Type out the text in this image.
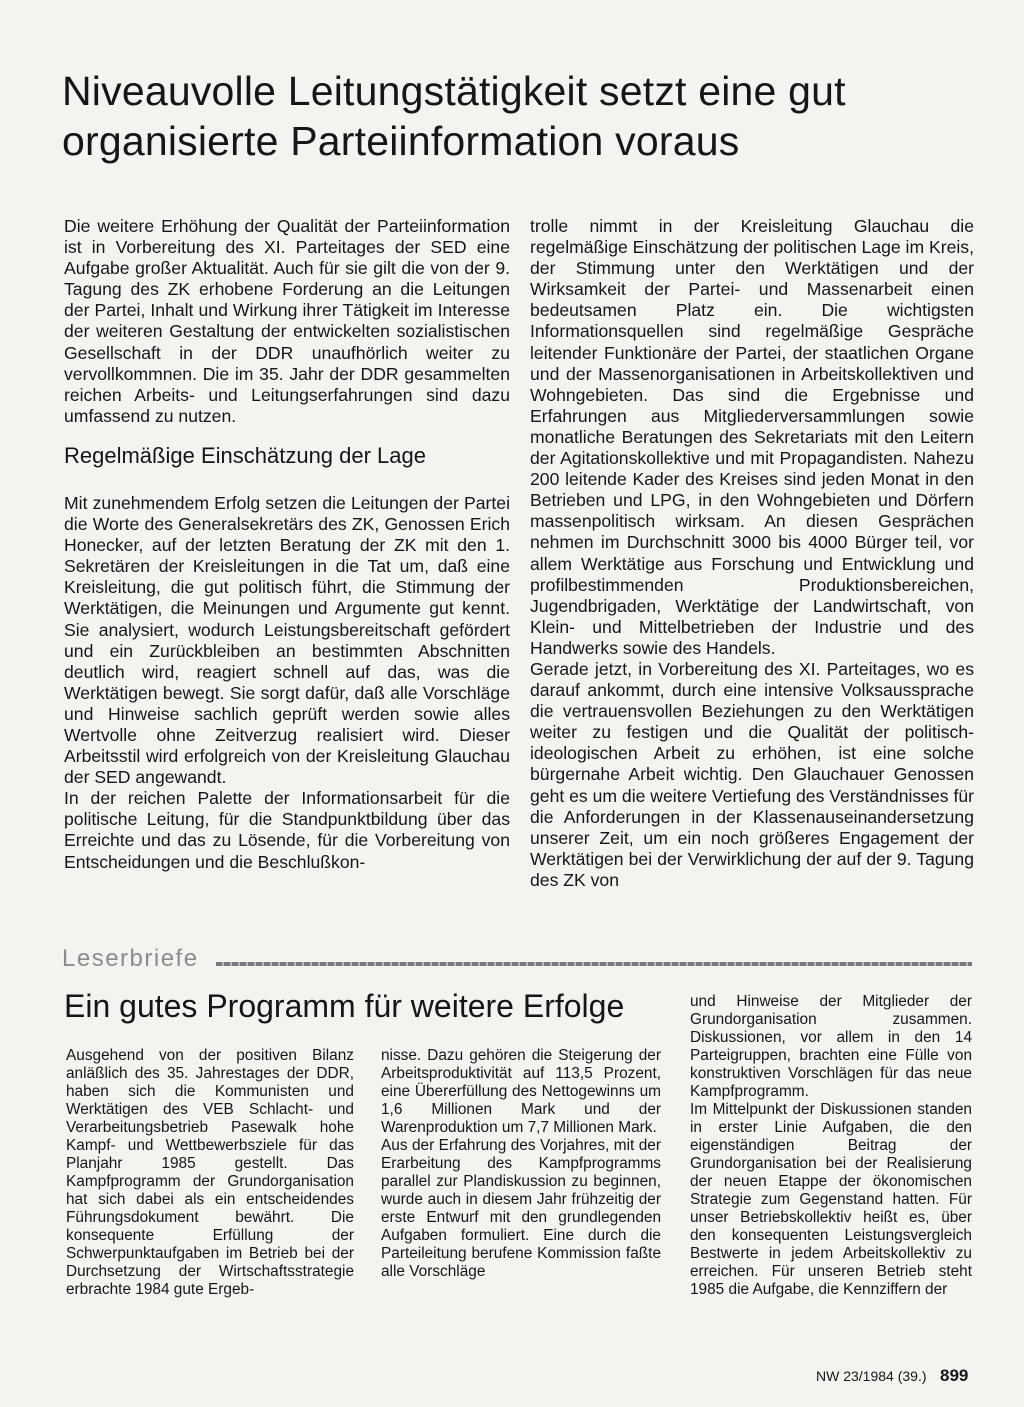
Niveauvolle Leitungstätigkeit setzt eine gut organisierte Parteiinformation voraus

Die weitere Erhöhung der Qualität der Parteiinformation ist in Vorbereitung des XI. Parteitages der SED eine Aufgabe großer Aktualität. Auch für sie gilt die von der 9. Tagung des ZK erhobene Forderung an die Leitungen der Partei, Inhalt und Wirkung ihrer Tätigkeit im Interesse der weiteren Gestaltung der entwickelten sozialistischen Gesellschaft in der DDR unaufhörlich weiter zu vervollkommnen. Die im 35. Jahr der DDR gesammelten reichen Arbeits- und Leitungserfahrungen sind dazu umfassend zu nutzen.

Regelmäßige Einschätzung der Lage

Mit zunehmendem Erfolg setzen die Leitungen der Partei die Worte des Generalsekretärs des ZK, Genossen Erich Honecker, auf der letzten Beratung der ZK mit den 1. Sekretären der Kreisleitungen in die Tat um, daß eine Kreisleitung, die gut politisch führt, die Stimmung der Werktätigen, die Meinungen und Argumente gut kennt. Sie analysiert, wodurch Leistungsbereitschaft gefördert und ein Zurückbleiben an bestimmten Abschnitten deutlich wird, reagiert schnell auf das, was die Werktätigen bewegt. Sie sorgt dafür, daß alle Vorschläge und Hinweise sachlich geprüft werden sowie alles Wertvolle ohne Zeitverzug realisiert wird. Dieser Arbeitsstil wird erfolgreich von der Kreisleitung Glauchau der SED angewandt.

In der reichen Palette der Informationsarbeit für die politische Leitung, für die Standpunktbildung über das Erreichte und das zu Lösende, für die Vorbereitung von Entscheidungen und die Beschlußkon-

trolle nimmt in der Kreisleitung Glauchau die regelmäßige Einschätzung der politischen Lage im Kreis, der Stimmung unter den Werktätigen und der Wirksamkeit der Partei- und Massenarbeit einen bedeutsamen Platz ein. Die wichtigsten Informationsquellen sind regelmäßige Gespräche leitender Funktionäre der Partei, der staatlichen Organe und der Massenorganisationen in Arbeitskollektiven und Wohngebieten. Das sind die Ergebnisse und Erfahrungen aus Mitgliederversammlungen sowie monatliche Beratungen des Sekretariats mit den Leitern der Agitationskollektive und mit Propagandisten. Nahezu 200 leitende Kader des Kreises sind jeden Monat in den Betrieben und LPG, in den Wohngebieten und Dörfern massenpolitisch wirksam. An diesen Gesprächen nehmen im Durchschnitt 3000 bis 4000 Bürger teil, vor allem Werktätige aus Forschung und Entwicklung und profilbestimmenden Produktionsbereichen, Jugendbrigaden, Werktätige der Landwirtschaft, von Klein- und Mittelbetrieben der Industrie und des Handwerks sowie des Handels.

Gerade jetzt, in Vorbereitung des XI. Parteitages, wo es darauf ankommt, durch eine intensive Volksaussprache die vertrauensvollen Beziehungen zu den Werktätigen weiter zu festigen und die Qualität der politisch-ideologischen Arbeit zu erhöhen, ist eine solche bürgernahe Arbeit wichtig. Den Glauchauer Genossen geht es um die weitere Vertiefung des Verständnisses für die Anforderungen in der Klassenauseinandersetzung unserer Zeit, um ein noch größeres Engagement der Werktätigen bei der Verwirklichung der auf der 9. Tagung des ZK von

Leserbriefe
Ein gutes Programm für weitere Erfolge

Ausgehend von der positiven Bilanz anläßlich des 35. Jahrestages der DDR, haben sich die Kommunisten und Werktätigen des VEB Schlacht- und Verarbeitungsbetrieb Pasewalk hohe Kampf- und Wettbewerbsziele für das Planjahr 1985 gestellt. Das Kampfprogramm der Grundorganisation hat sich dabei als ein entscheidendes Führungsdokument bewährt. Die konsequente Erfüllung der Schwerpunktaufgaben im Betrieb bei der Durchsetzung der Wirtschaftsstrategie erbrachte 1984 gute Ergeb-

nisse. Dazu gehören die Steigerung der Arbeitsproduktivität auf 113,5 Prozent, eine Übererfüllung des Nettogewinns um 1,6 Millionen Mark und der Warenproduktion um 7,7 Millionen Mark.

Aus der Erfahrung des Vorjahres, mit der Erarbeitung des Kampfprogramms parallel zur Plandiskussion zu beginnen, wurde auch in diesem Jahr frühzeitig der erste Entwurf mit den grundlegenden Aufgaben formuliert. Eine durch die Parteileitung berufene Kommission faßte alle Vorschläge

und Hinweise der Mitglieder der Grundorganisation zusammen. Diskussionen, vor allem in den 14 Parteigruppen, brachten eine Fülle von konstruktiven Vorschlägen für das neue Kampfprogramm.

Im Mittelpunkt der Diskussionen standen in erster Linie Aufgaben, die den eigenständigen Beitrag der Grundorganisation bei der Realisierung der neuen Etappe der ökonomischen Strategie zum Gegenstand hatten. Für unser Betriebskollektiv heißt es, über den konsequenten Leistungsvergleich Bestwerte in jedem Arbeitskollektiv zu erreichen. Für unseren Betrieb steht 1985 die Aufgabe, die Kennziffern der

NW 23/1984 (39.) 899
